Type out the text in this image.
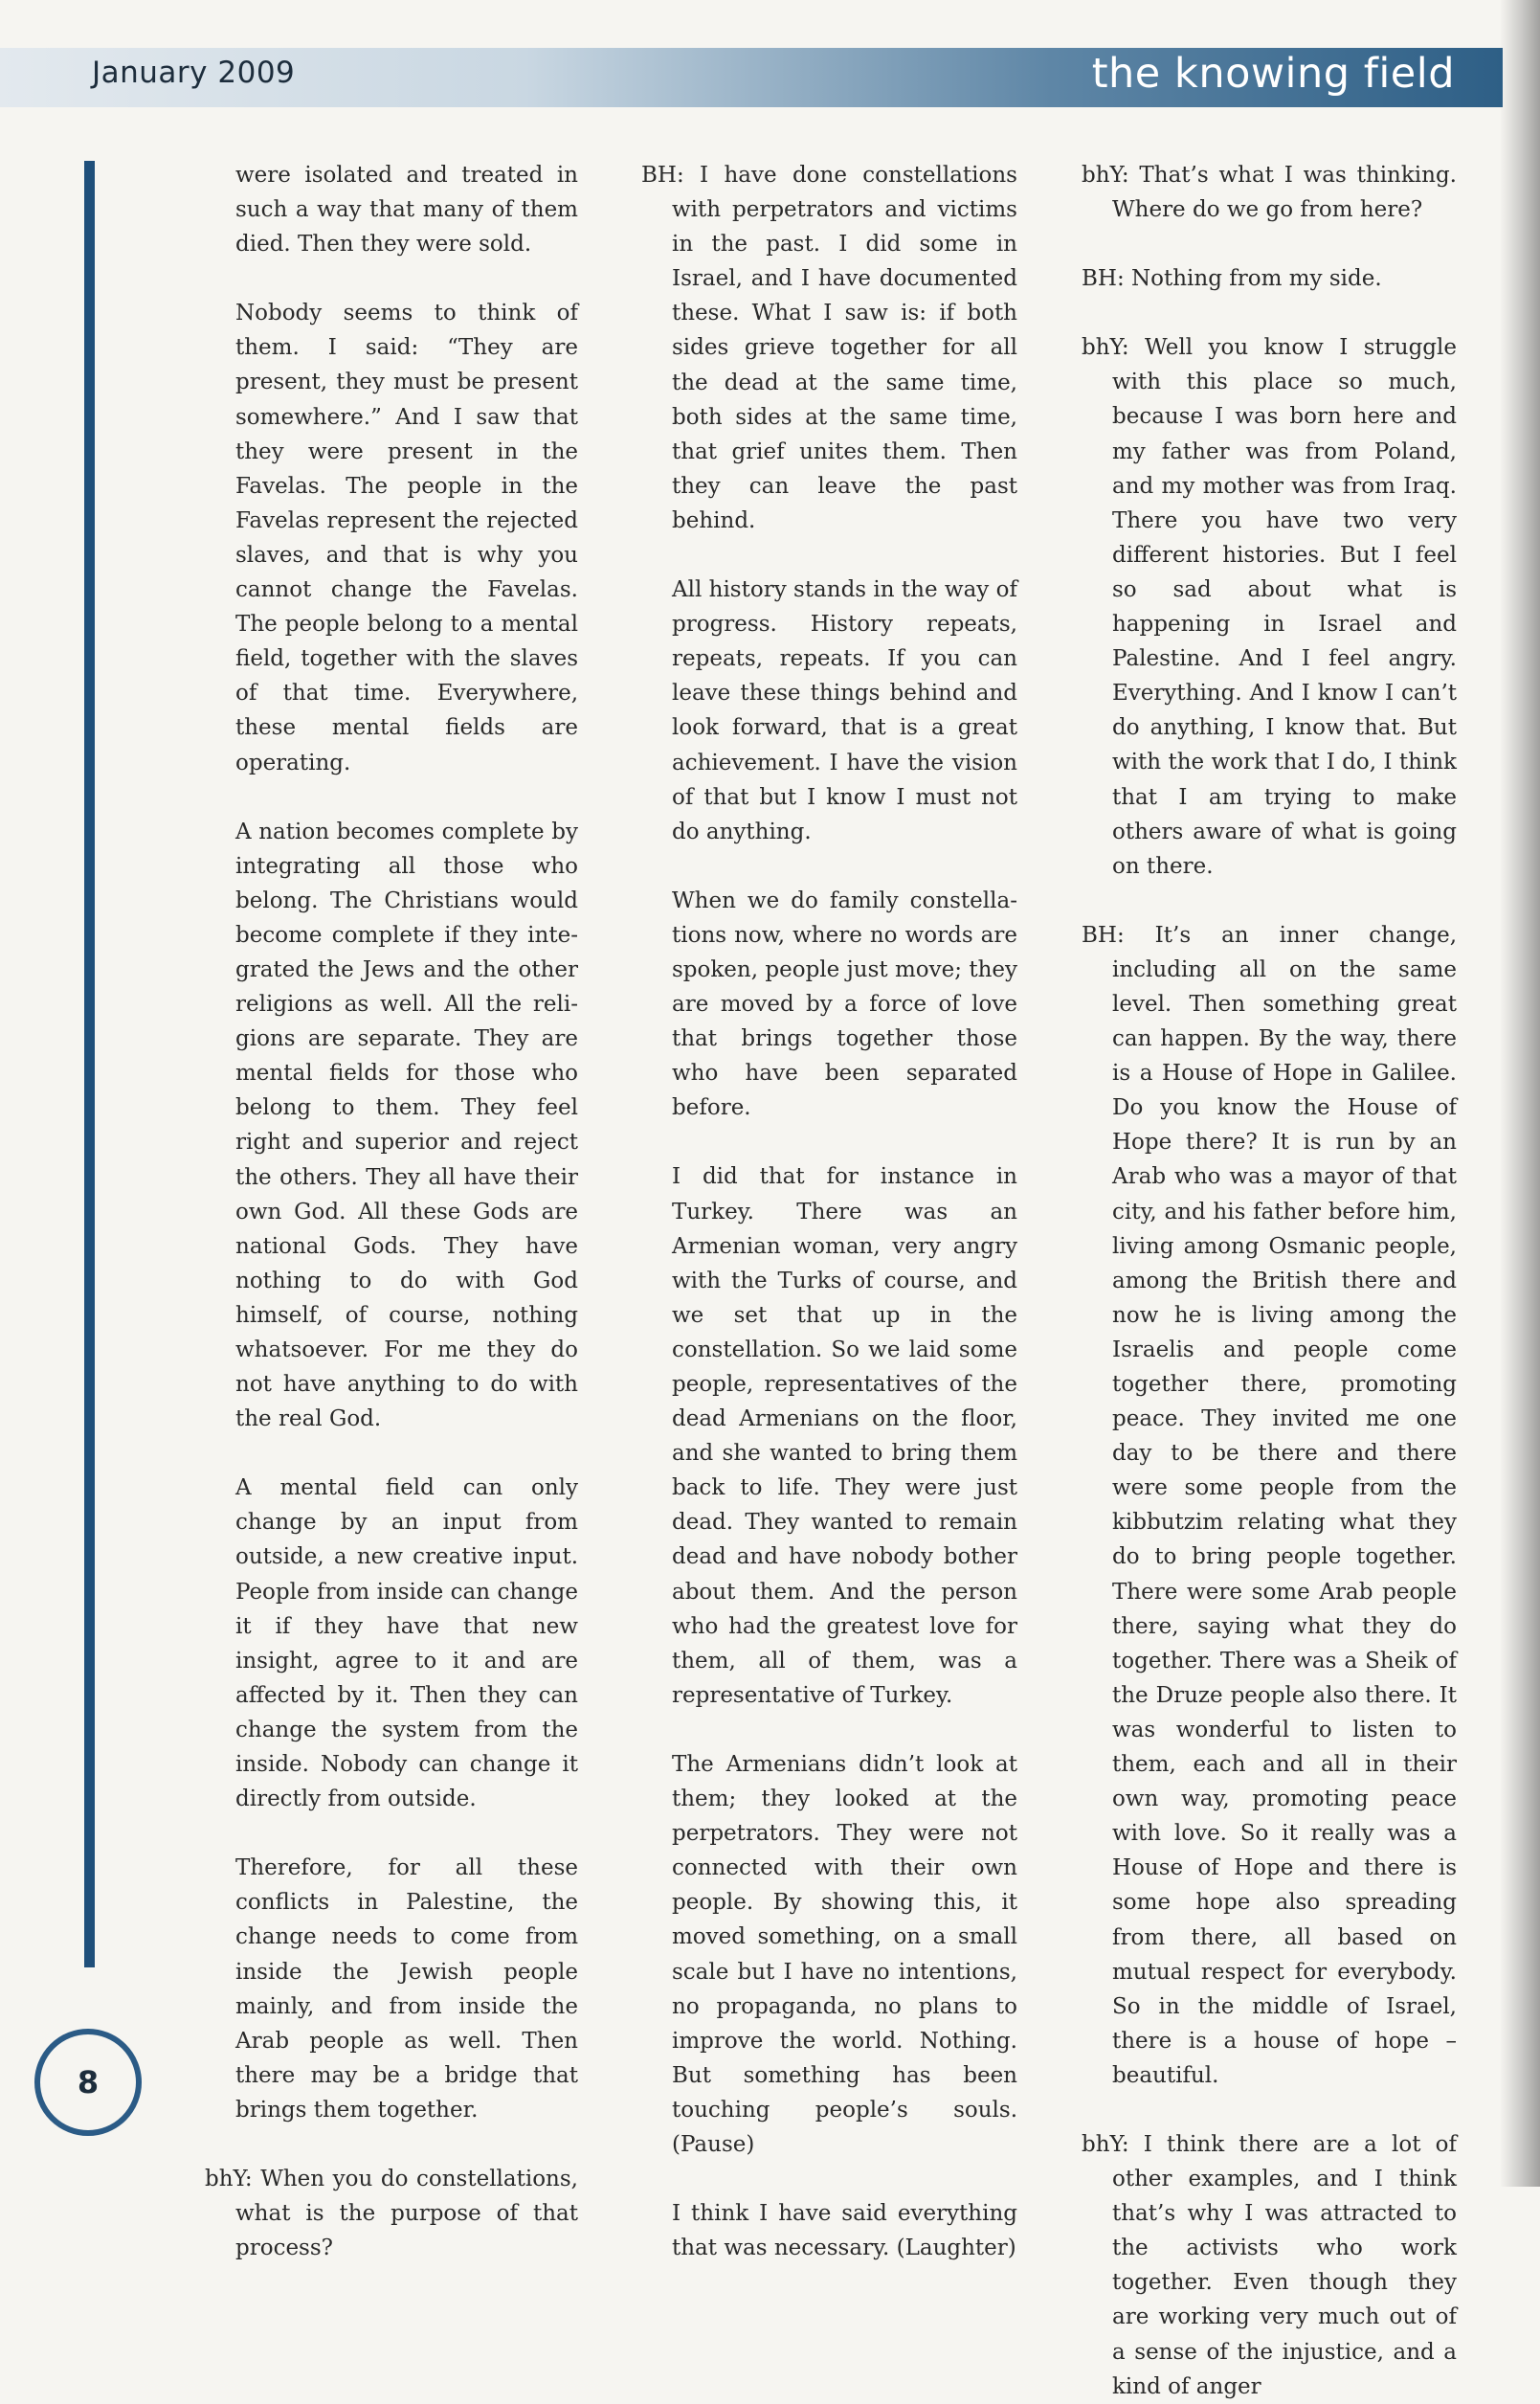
January 2009	the knowing field

were isolated and treated in such a way that many of them died. Then they were sold.

Nobody seems to think of them. I said: “They are present, they must be present somewhere.” And I saw that they were present in the Favelas. The people in the Favelas represent the rejected slaves, and that is why you cannot change the Favelas. The people belong to a mental field, together with the slaves of that time. Everywhere, these mental fields are operating.

A nation becomes complete by integrating all those who belong. The Christians would become complete if they integrated the Jews and the other religions as well. All the religions are separate. They are mental fields for those who belong to them. They feel right and superior and reject the others. They all have their own God. All these Gods are national Gods. They have nothing to do with God himself, of course, nothing whatsoever. For me they do not have anything to do with the real God.

A mental field can only change by an input from outside, a new creative input. People from inside can change it if they have that new insight, agree to it and are affected by it. Then they can change the system from the inside. Nobody can change it directly from outside.

Therefore, for all these conflicts in Palestine, the change needs to come from inside the Jewish people mainly, and from inside the Arab people as well. Then there may be a bridge that brings them together.

bhY: When you do constellations, what is the purpose of that process?

BH: I have done constellations with perpetrators and victims in the past. I did some in Israel, and I have documented these. What I saw is: if both sides grieve together for all the dead at the same time, both sides at the same time, that grief unites them. Then they can leave the past behind.

All history stands in the way of progress. History repeats, repeats, repeats. If you can leave these things behind and look forward, that is a great achievement. I have the vision of that but I know I must not do anything.

When we do family constellations now, where no words are spoken, people just move; they are moved by a force of love that brings together those who have been separated before.

I did that for instance in Turkey. There was an Armenian woman, very angry with the Turks of course, and we set that up in the constellation. So we laid some people, representatives of the dead Armenians on the floor, and she wanted to bring them back to life. They were just dead. They wanted to remain dead and have nobody bother about them. And the person who had the greatest love for them, all of them, was a representative of Turkey.

The Armenians didn’t look at them; they looked at the perpetrators. They were not connected with their own people. By showing this, it moved something, on a small scale but I have no intentions, no propaganda, no plans to improve the world. Nothing. But something has been touching people’s souls. (Pause)

I think I have said everything that was necessary. (Laughter)

bhY: That’s what I was thinking. Where do we go from here?

BH: Nothing from my side.

bhY: Well you know I struggle with this place so much, because I was born here and my father was from Poland, and my mother was from Iraq. There you have two very different histories. But I feel so sad about what is happening in Israel and Palestine. And I feel angry. Everything. And I know I can’t do anything, I know that. But with the work that I do, I think that I am trying to make others aware of what is going on there.

BH: It’s an inner change, including all on the same level. Then something great can happen. By the way, there is a House of Hope in Galilee. Do you know the House of Hope there? It is run by an Arab who was a mayor of that city, and his father before him, living among Osmanic people, among the British there and now he is living among the Israelis and people come together there, promoting peace. They invited me one day to be there and there were some people from the kibbutzim relating what they do to bring people together. There were some Arab people there, saying what they do together. There was a Sheik of the Druze people also there. It was wonderful to listen to them, each and all in their own way, promoting peace with love. So it really was a House of Hope and there is some hope also spreading from there, all based on mutual respect for everybody. So in the middle of Israel, there is a house of hope – beautiful.

bhY: I think there are a lot of other examples, and I think that’s why I was attracted to the activists who work together. Even though they are working very much out of a sense of the injustice, and a kind of anger

8
